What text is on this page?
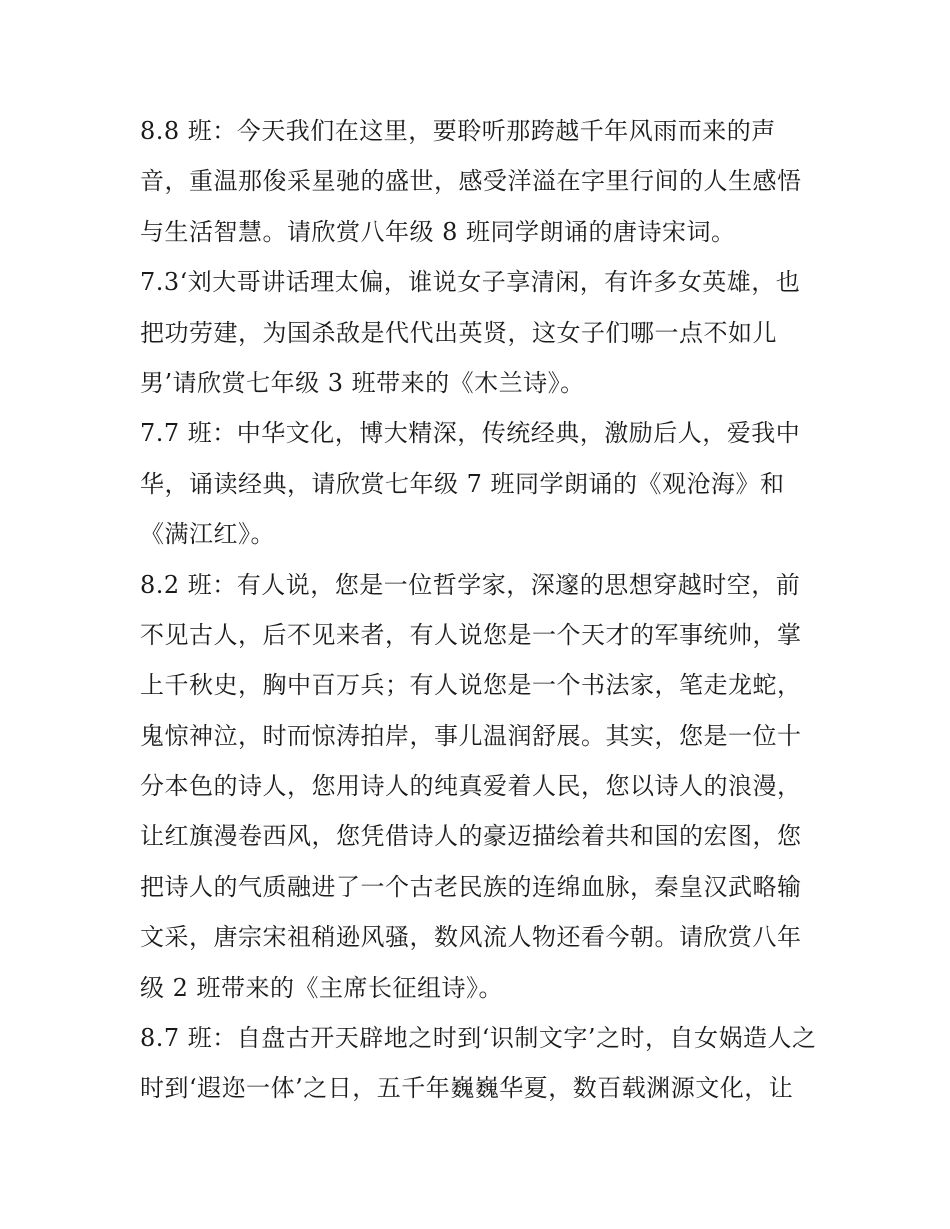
8.8 班：今天我们在这里，要聆听那跨越千年风雨而来的声
音，重温那俊采星驰的盛世，感受洋溢在字里行间的人生感悟
与生活智慧。请欣赏八年级 8 班同学朗诵的唐诗宋词。
7.3‘刘大哥讲话理太偏，谁说女子享清闲，有许多女英雄，也
把功劳建，为国杀敌是代代出英贤，这女子们哪一点不如儿
男’请欣赏七年级 3 班带来的《木兰诗》。
7.7 班：中华文化，博大精深，传统经典，激励后人，爱我中
华，诵读经典，请欣赏七年级 7 班同学朗诵的《观沧海》和
《满江红》。
8.2 班：有人说，您是一位哲学家，深邃的思想穿越时空，前
不见古人，后不见来者，有人说您是一个天才的军事统帅，掌
上千秋史，胸中百万兵；有人说您是一个书法家，笔走龙蛇，
鬼惊神泣，时而惊涛拍岸，事儿温润舒展。其实，您是一位十
分本色的诗人，您用诗人的纯真爱着人民，您以诗人的浪漫，
让红旗漫卷西风，您凭借诗人的豪迈描绘着共和国的宏图，您
把诗人的气质融进了一个古老民族的连绵血脉，秦皇汉武略输
文采，唐宗宋祖稍逊风骚，数风流人物还看今朝。请欣赏八年
级 2 班带来的《主席长征组诗》。
8.7 班：自盘古开天辟地之时到‘识制文字’之时，自女娲造人之
时到‘遐迩一体’之日，五千年巍巍华夏，数百载渊源文化，让
